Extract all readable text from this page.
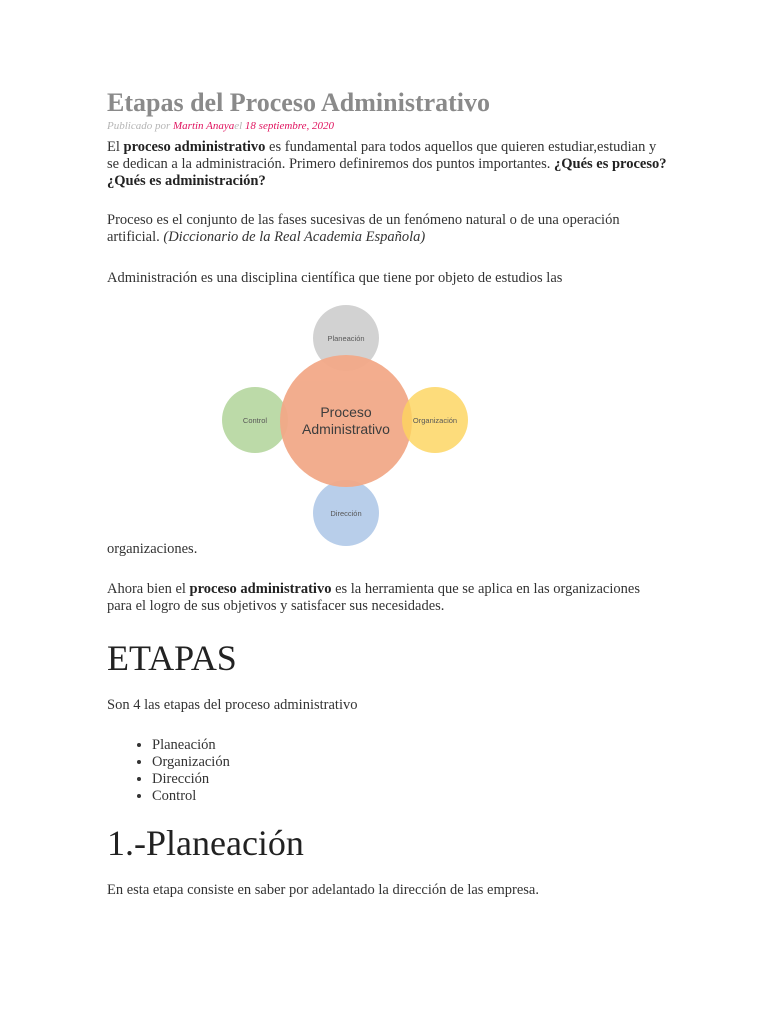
Etapas del Proceso Administrativo
Publicado por Martin Anayael 18 septiembre, 2020
El proceso administrativo es fundamental para todos aquellos que quieren estudiar,estudian y se dedican a la administración. Primero definiremos dos puntos importantes. ¿Qués es proceso? ¿Qués es administración?
Proceso es el conjunto de las fases sucesivas de un fenómeno natural o de una operación artificial. (Diccionario de la Real Academia Española)
Administración es una disciplina científica que tiene por objeto de estudios las
Planeación
Control
Dirección
Proceso
Administrativo
Organización
organizaciones.
Ahora bien el proceso administrativo es la herramienta que se aplica en las organizaciones para el logro de sus objetivos y satisfacer sus necesidades.
ETAPAS
Son 4 las etapas del proceso administrativo
• Planeación
• Organización
• Dirección
• Control
1.-Planeación
En esta etapa consiste en saber por adelantado la dirección de las empresa.
